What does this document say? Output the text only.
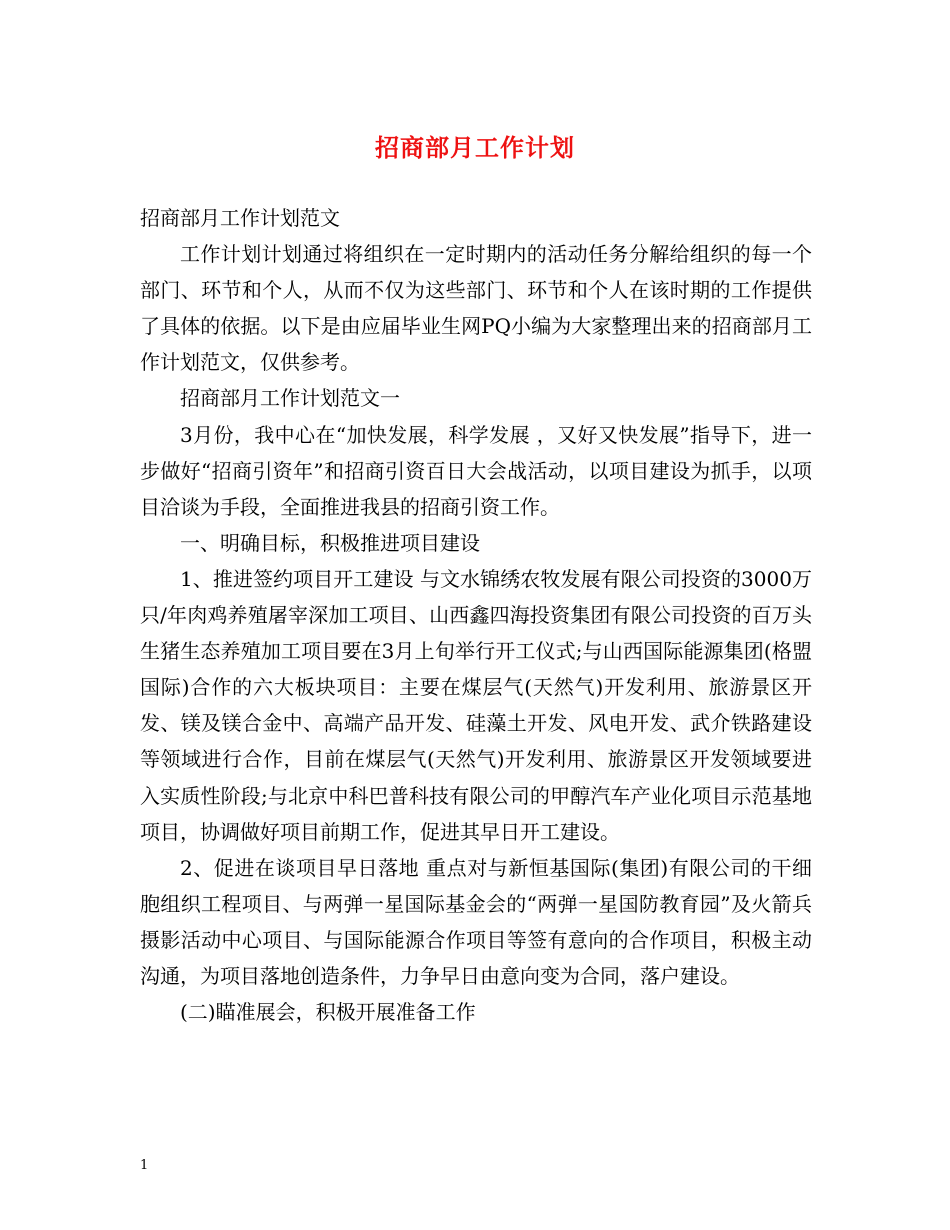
招商部月工作计划

招商部月工作计划范文

工作计划计划通过将组织在一定时期内的活动任务分解给组织的每一个部门、环节和个人，从而不仅为这些部门、环节和个人在该时期的工作提供了具体的依据。以下是由应届毕业生网PQ小编为大家整理出来的招商部月工作计划范文，仅供参考。

招商部月工作计划范文一

3月份，我中心在“加快发展，科学发展 ，又好又快发展”指导下，进一步做好“招商引资年”和招商引资百日大会战活动，以项目建设为抓手，以项目洽谈为手段，全面推进我县的招商引资工作。

一、明确目标，积极推进项目建设

1、推进签约项目开工建设 与文水锦绣农牧发展有限公司投资的3000万只/年肉鸡养殖屠宰深加工项目、山西鑫四海投资集团有限公司投资的百万头生猪生态养殖加工项目要在3月上旬举行开工仪式;与山西国际能源集团(格盟国际)合作的六大板块项目：主要在煤层气(天然气)开发利用、旅游景区开发、镁及镁合金中、高端产品开发、硅藻土开发、风电开发、武介铁路建设等领域进行合作，目前在煤层气(天然气)开发利用、旅游景区开发领域要进入实质性阶段;与北京中科巴普科技有限公司的甲醇汽车产业化项目示范基地项目，协调做好项目前期工作，促进其早日开工建设。

2、促进在谈项目早日落地 重点对与新恒基国际(集团)有限公司的干细胞组织工程项目、与两弹一星国际基金会的“两弹一星国防教育园”及火箭兵摄影活动中心项目、与国际能源合作项目等签有意向的合作项目，积极主动沟通，为项目落地创造条件，力争早日由意向变为合同，落户建设。

(二)瞄准展会，积极开展准备工作

1
